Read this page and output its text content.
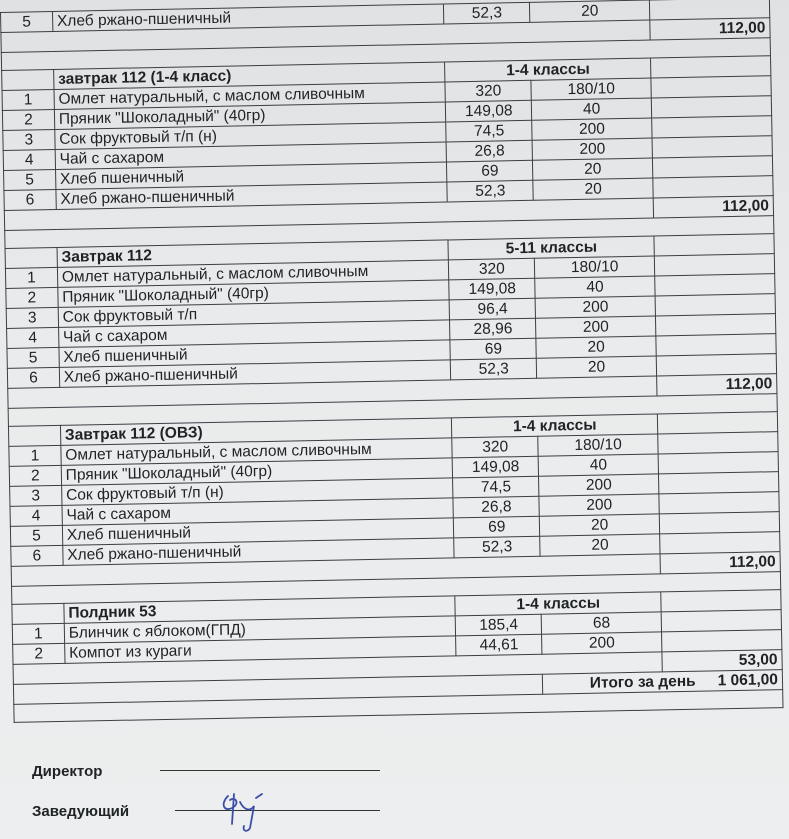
5	Хлеб ржано-пшеничный	52,3	20	
				112,00

	завтрак 112 (1-4 класс)	1-4 классы		
1	Омлет натуральный, с маслом сливочным	320	180/10	
2	Пряник "Шоколадный" (40гр)	149,08	40	
3	Сок фруктовый т/п (н)	74,5	200	
4	Чай с сахаром	26,8	200	
5	Хлеб пшеничный	69	20	
6	Хлеб ржано-пшеничный	52,3	20	
				112,00

	Завтрак 112	5-11 классы		
1	Омлет натуральный, с маслом сливочным	320	180/10	
2	Пряник "Шоколадный" (40гр)	149,08	40	
3	Сок фруктовый т/п	96,4	200	
4	Чай с сахаром	28,96	200	
5	Хлеб пшеничный	69	20	
6	Хлеб ржано-пшеничный	52,3	20	
				112,00

	Завтрак 112 (ОВЗ)	1-4 классы		
1	Омлет натуральный, с маслом сливочным	320	180/10	
2	Пряник "Шоколадный" (40гр)	149,08	40	
3	Сок фруктовый т/п (н)	74,5	200	
4	Чай с сахаром	26,8	200	
5	Хлеб пшеничный	69	20	
6	Хлеб ржано-пшеничный	52,3	20	
				112,00

	Полдник 53	1-4 классы		
1	Блинчик с яблоком(ГПД)	185,4	68	
2	Компот из кураги	44,61	200	
				53,00
			Итого за день 1 061,00	

Директор
Заведующий
